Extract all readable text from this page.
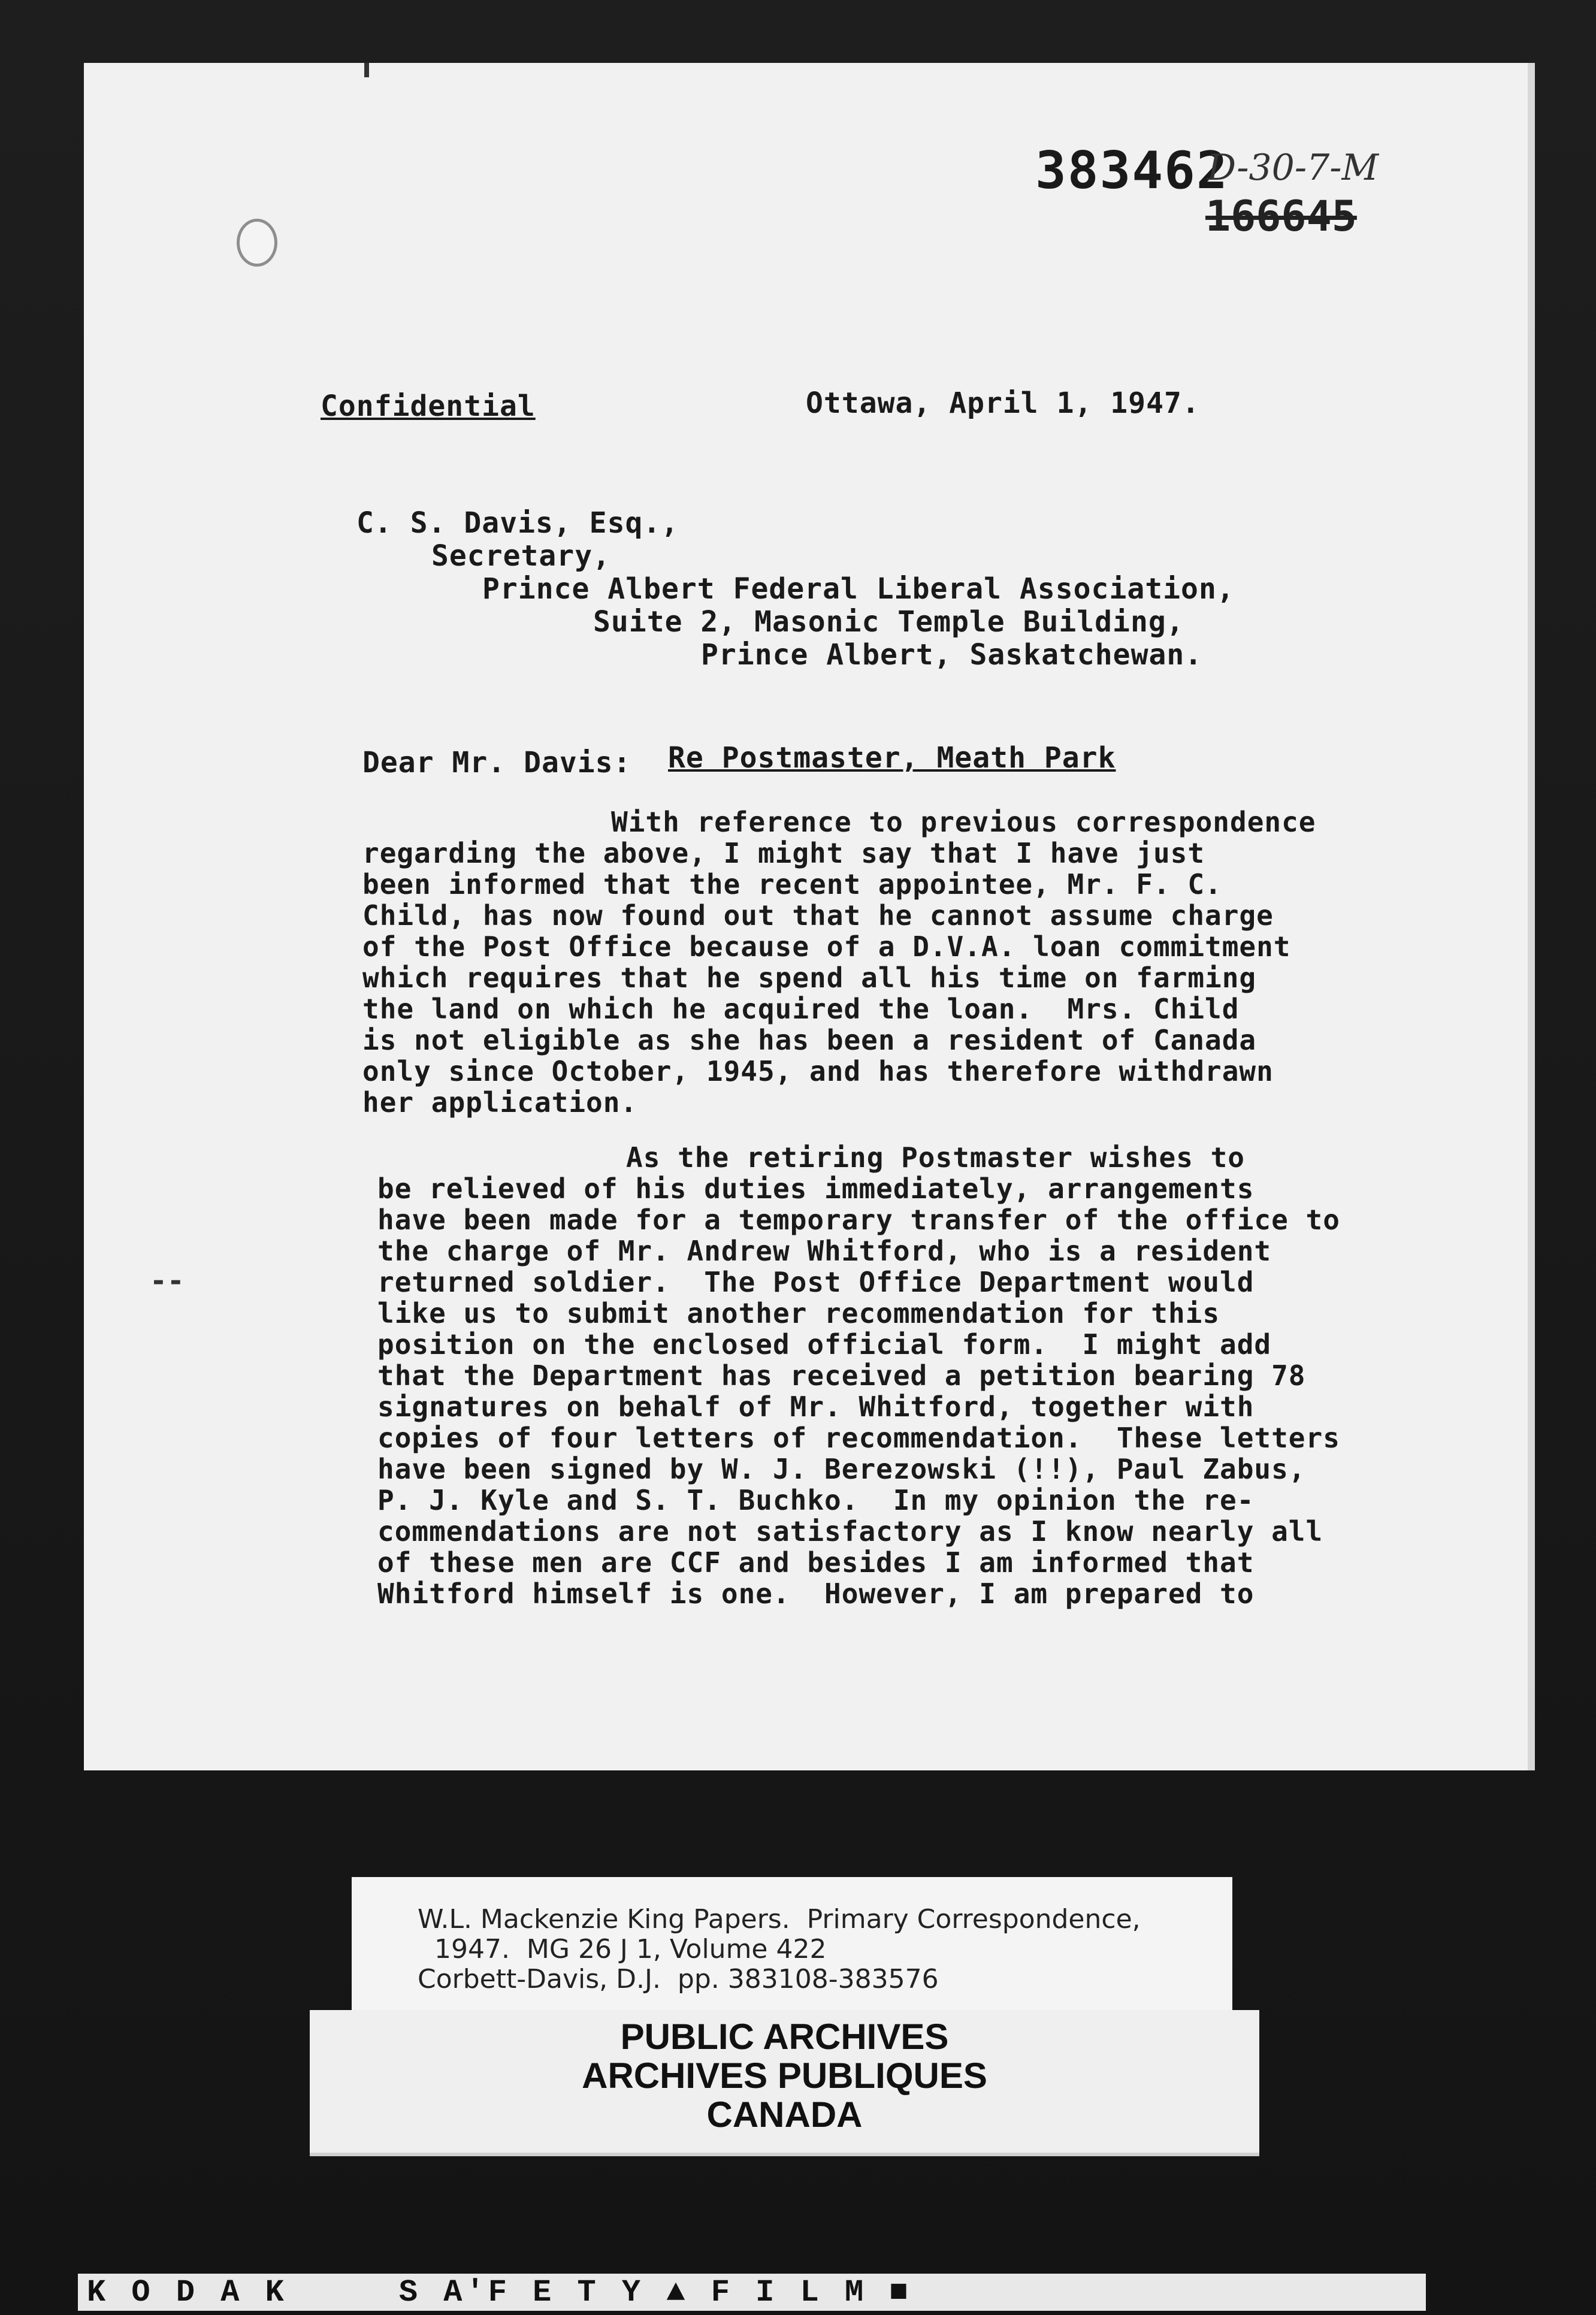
383462
D-30-7-M
166645
Confidential	Ottawa, April 1, 1947.
C. S. Davis, Esq.,
Secretary,
Prince Albert Federal Liberal Association,
Suite 2, Masonic Temple Building,
Prince Albert, Saskatchewan.
Dear Mr. Davis: Re Postmaster, Meath Park
With reference to previous correspondence
regarding the above, I might say that I have just
been informed that the recent appointee, Mr. F. C.
Child, has now found out that he cannot assume charge
of the Post Office because of a D.V.A. loan commitment
which requires that he spend all his time on farming
the land on which he acquired the loan.  Mrs. Child
is not eligible as she has been a resident of Canada
only since October, 1945, and has therefore withdrawn
her application.
As the retiring Postmaster wishes to
be relieved of his duties immediately, arrangements
have been made for a temporary transfer of the office to
the charge of Mr. Andrew Whitford, who is a resident
returned soldier.  The Post Office Department would
like us to submit another recommendation for this
position on the enclosed official form.  I might add
that the Department has received a petition bearing 78
signatures on behalf of Mr. Whitford, together with
copies of four letters of recommendation.  These letters
have been signed by W. J. Berezowski (!!), Paul Zabus,
P. J. Kyle and S. T. Buchko.  In my opinion the re-
commendations are not satisfactory as I know nearly all
of these men are CCF and besides I am informed that
Whitford himself is one.  However, I am prepared to
--
W.L. Mackenzie King Papers.  Primary Correspondence,
1947.  MG 26 J 1, Volume 422
Corbett-Davis, D.J.  pp. 383108-383576
PUBLIC ARCHIVES
ARCHIVES PUBLIQUES
CANADA
K O D A K     S A'F E T Y ▲ F I L M ■
